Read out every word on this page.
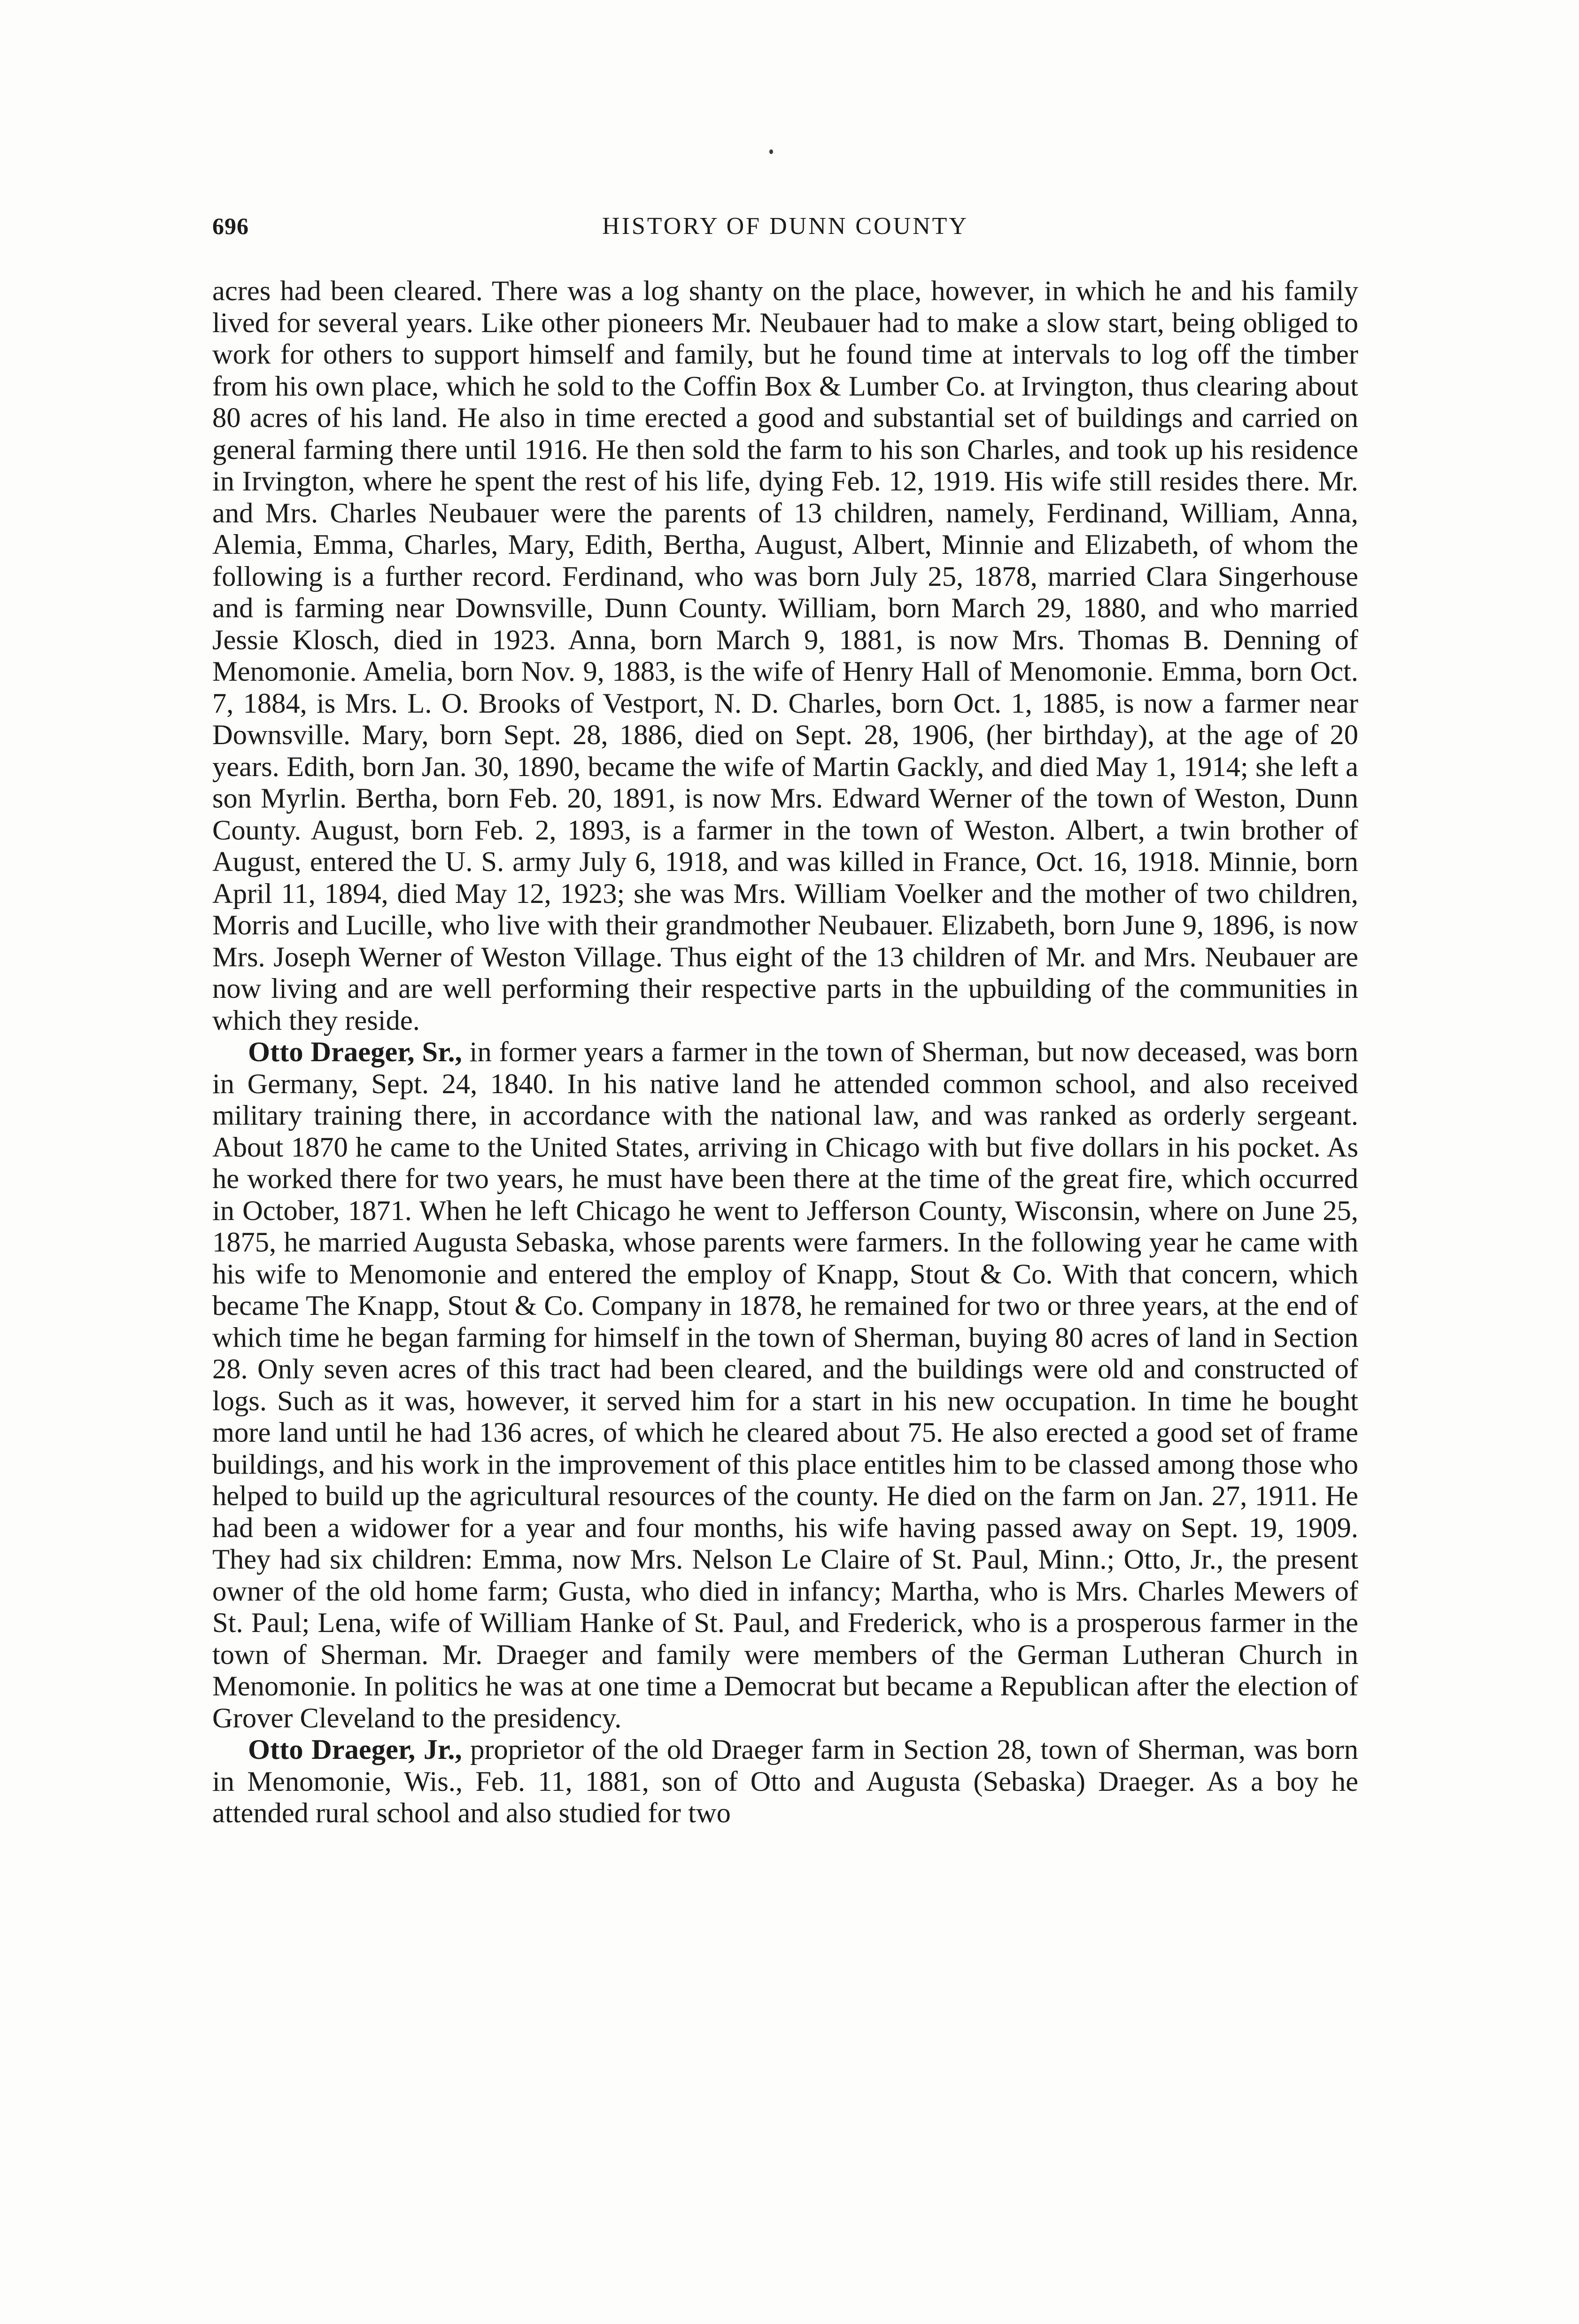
696	HISTORY OF DUNN COUNTY

acres had been cleared. There was a log shanty on the place, however, in which he and his family lived for several years. Like other pioneers Mr. Neubauer had to make a slow start, being obliged to work for others to support himself and family, but he found time at intervals to log off the timber from his own place, which he sold to the Coffin Box & Lumber Co. at Irvington, thus clearing about 80 acres of his land. He also in time erected a good and substantial set of buildings and carried on general farming there until 1916. He then sold the farm to his son Charles, and took up his residence in Irvington, where he spent the rest of his life, dying Feb. 12, 1919. His wife still resides there. Mr. and Mrs. Charles Neubauer were the parents of 13 children, namely, Ferdinand, William, Anna, Alemia, Emma, Charles, Mary, Edith, Bertha, August, Albert, Minnie and Elizabeth, of whom the following is a further record. Ferdinand, who was born July 25, 1878, married Clara Singerhouse and is farming near Downsville, Dunn County. William, born March 29, 1880, and who married Jessie Klosch, died in 1923. Anna, born March 9, 1881, is now Mrs. Thomas B. Denning of Menomonie. Amelia, born Nov. 9, 1883, is the wife of Henry Hall of Menomonie. Emma, born Oct. 7, 1884, is Mrs. L. O. Brooks of Vestport, N. D. Charles, born Oct. 1, 1885, is now a farmer near Downsville. Mary, born Sept. 28, 1886, died on Sept. 28, 1906, (her birthday), at the age of 20 years. Edith, born Jan. 30, 1890, became the wife of Martin Gackly, and died May 1, 1914; she left a son Myrlin. Bertha, born Feb. 20, 1891, is now Mrs. Edward Werner of the town of Weston, Dunn County. August, born Feb. 2, 1893, is a farmer in the town of Weston. Albert, a twin brother of August, entered the U. S. army July 6, 1918, and was killed in France, Oct. 16, 1918. Minnie, born April 11, 1894, died May 12, 1923; she was Mrs. William Voelker and the mother of two children, Morris and Lucille, who live with their grandmother Neubauer. Elizabeth, born June 9, 1896, is now Mrs. Joseph Werner of Weston Village. Thus eight of the 13 children of Mr. and Mrs. Neubauer are now living and are well performing their respective parts in the upbuilding of the communities in which they reside.

Otto Draeger, Sr., in former years a farmer in the town of Sherman, but now deceased, was born in Germany, Sept. 24, 1840. In his native land he attended common school, and also received military training there, in accordance with the national law, and was ranked as orderly sergeant. About 1870 he came to the United States, arriving in Chicago with but five dollars in his pocket. As he worked there for two years, he must have been there at the time of the great fire, which occurred in October, 1871. When he left Chicago he went to Jefferson County, Wisconsin, where on June 25, 1875, he married Augusta Sebaska, whose parents were farmers. In the following year he came with his wife to Menomonie and entered the employ of Knapp, Stout & Co. With that concern, which became The Knapp, Stout & Co. Company in 1878, he remained for two or three years, at the end of which time he began farming for himself in the town of Sherman, buying 80 acres of land in Section 28. Only seven acres of this tract had been cleared, and the buildings were old and constructed of logs. Such as it was, however, it served him for a start in his new occupation. In time he bought more land until he had 136 acres, of which he cleared about 75. He also erected a good set of frame buildings, and his work in the improvement of this place entitles him to be classed among those who helped to build up the agricultural resources of the county. He died on the farm on Jan. 27, 1911. He had been a widower for a year and four months, his wife having passed away on Sept. 19, 1909. They had six children: Emma, now Mrs. Nelson Le Claire of St. Paul, Minn.; Otto, Jr., the present owner of the old home farm; Gusta, who died in infancy; Martha, who is Mrs. Charles Mewers of St. Paul; Lena, wife of William Hanke of St. Paul, and Frederick, who is a prosperous farmer in the town of Sherman. Mr. Draeger and family were members of the German Lutheran Church in Menomonie. In politics he was at one time a Democrat but became a Republican after the election of Grover Cleveland to the presidency.

Otto Draeger, Jr., proprietor of the old Draeger farm in Section 28, town of Sherman, was born in Menomonie, Wis., Feb. 11, 1881, son of Otto and Augusta (Sebaska) Draeger. As a boy he attended rural school and also studied for two
